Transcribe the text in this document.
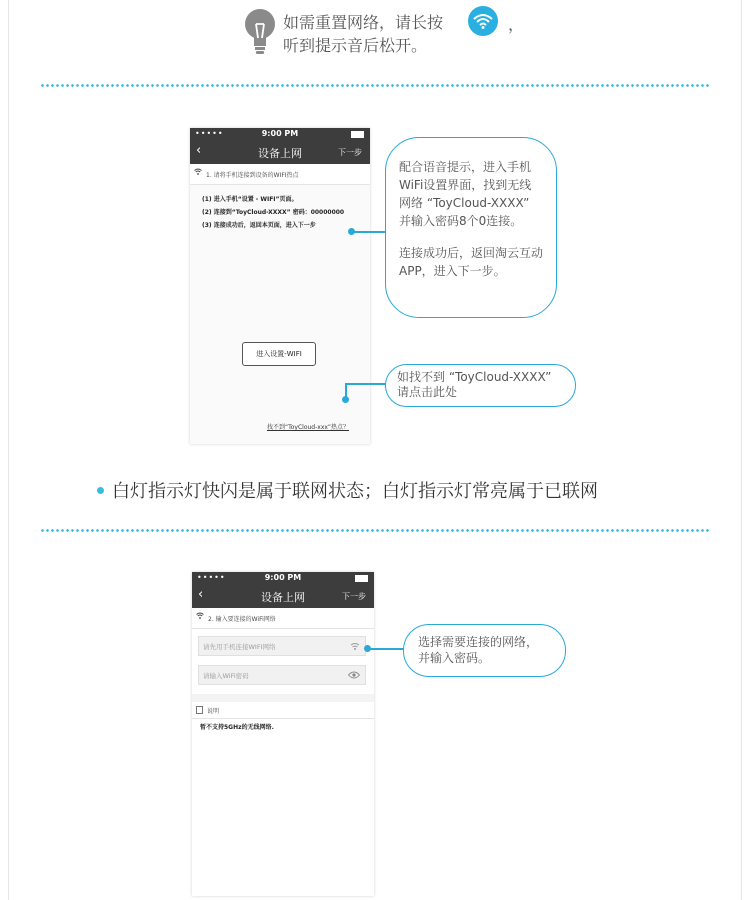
如需重置网络，请长按	，
听到提示音后松开。
•••••	9:00 PM
‹	设备上网	下一步
1. 请将手机连接到设备的WIFI热点
(1) 进入手机“设置 - WIFI”页面。
(2) 连接到“ToyCloud-XXXX” 密码：00000000
(3) 连接成功后，返回本页面，进入下一步
进入设置-WIFI
找不到“ToyCloud-xxx”热点？
配合语音提示，进入手机
WiFi设置界面，找到无线
网络 “ToyCloud-XXXX”
并输入密码8个0连接。
连接成功后，返回淘云互动
APP，进入下一步。
如找不到 “ToyCloud-XXXX”
请点击此处
白灯指示灯快闪是属于联网状态；白灯指示灯常亮属于已联网
•••••	9:00 PM
‹	设备上网	下一步
2. 输入要连接的WiFi网络
请先用手机连接WIFI网络
请输入WiFi密码
说明
暂不支持5GHz的无线网络.
选择需要连接的网络，
并输入密码。
